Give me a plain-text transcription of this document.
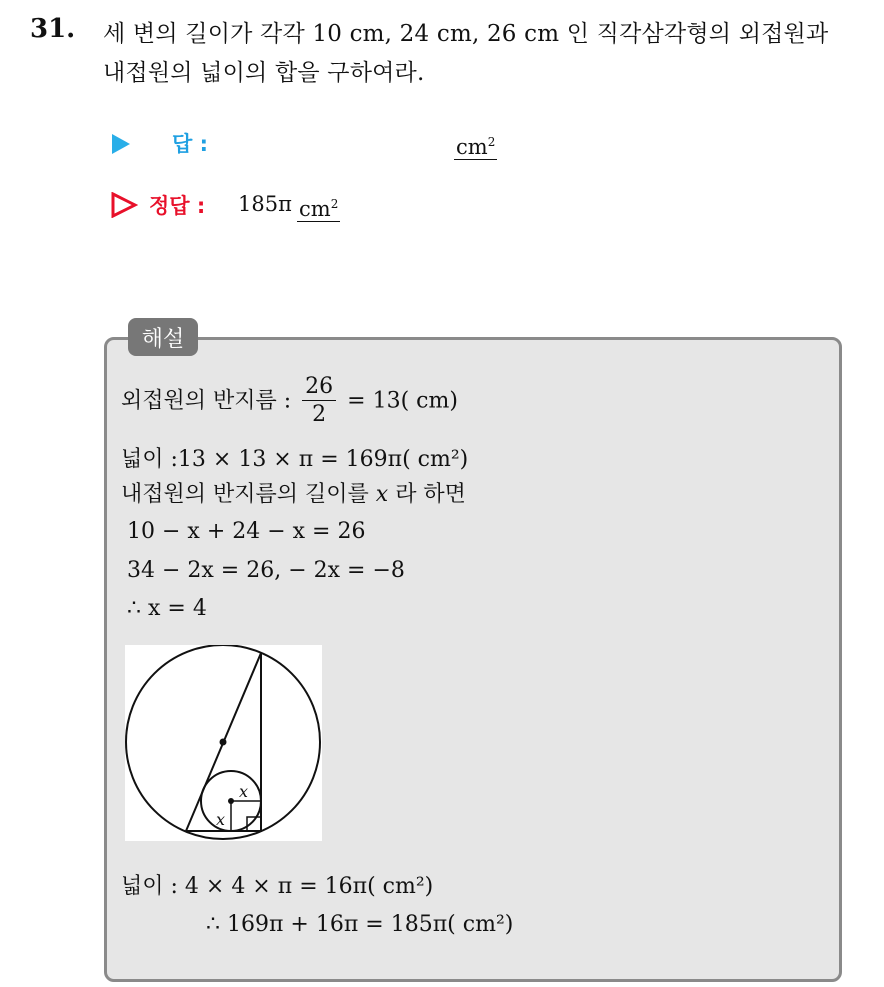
31. 세 변의 길이가 각각 10 cm, 24 cm, 26 cm 인 직각삼각형의 외접원과
내접원의 넓이의 합을 구하여라.
답 :	$cm^2$
정답 : 185π $cm^2$
해설
외접원의 반지름 : $\frac{26}{2} = 13$( cm)
넓이 :13 × 13 × π = 169π( cm²)
내접원의 반지름의 길이를 x 라 하면
10 − x + 24 − x = 26
34 − 2x = 26, − 2x = −8
∴ x = 4
x
x
넓이 : 4 × 4 × π = 16π( cm²)
∴ 169π + 16π = 185π( cm²)
